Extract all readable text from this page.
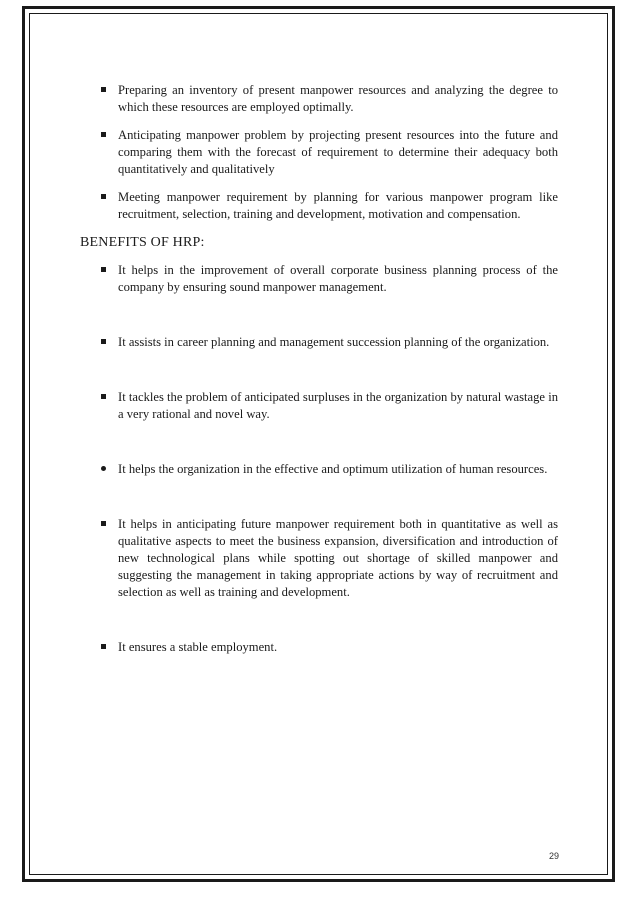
Preparing an inventory of present manpower resources and analyzing the degree to which these resources are employed optimally.
Anticipating manpower problem by projecting present resources into the future and comparing them with the forecast of requirement to determine their adequacy both quantitatively and qualitatively
Meeting manpower requirement by planning for various manpower program like recruitment, selection, training and development, motivation and compensation.
BENEFITS OF HRP:
It helps in the improvement of overall corporate business planning process of the company by ensuring sound manpower management.
It assists in career planning and management succession planning of the organization.
It tackles the problem of anticipated surpluses in the organization by natural wastage in a very rational and novel way.
It helps the organization in the effective and optimum utilization of human resources.
It helps in anticipating future manpower requirement both in quantitative as well as qualitative aspects to meet the business expansion, diversification and introduction of new technological plans while spotting out shortage of skilled manpower and suggesting the management in taking appropriate actions by way of recruitment and selection as well as training and development.
It ensures a stable employment.
29
